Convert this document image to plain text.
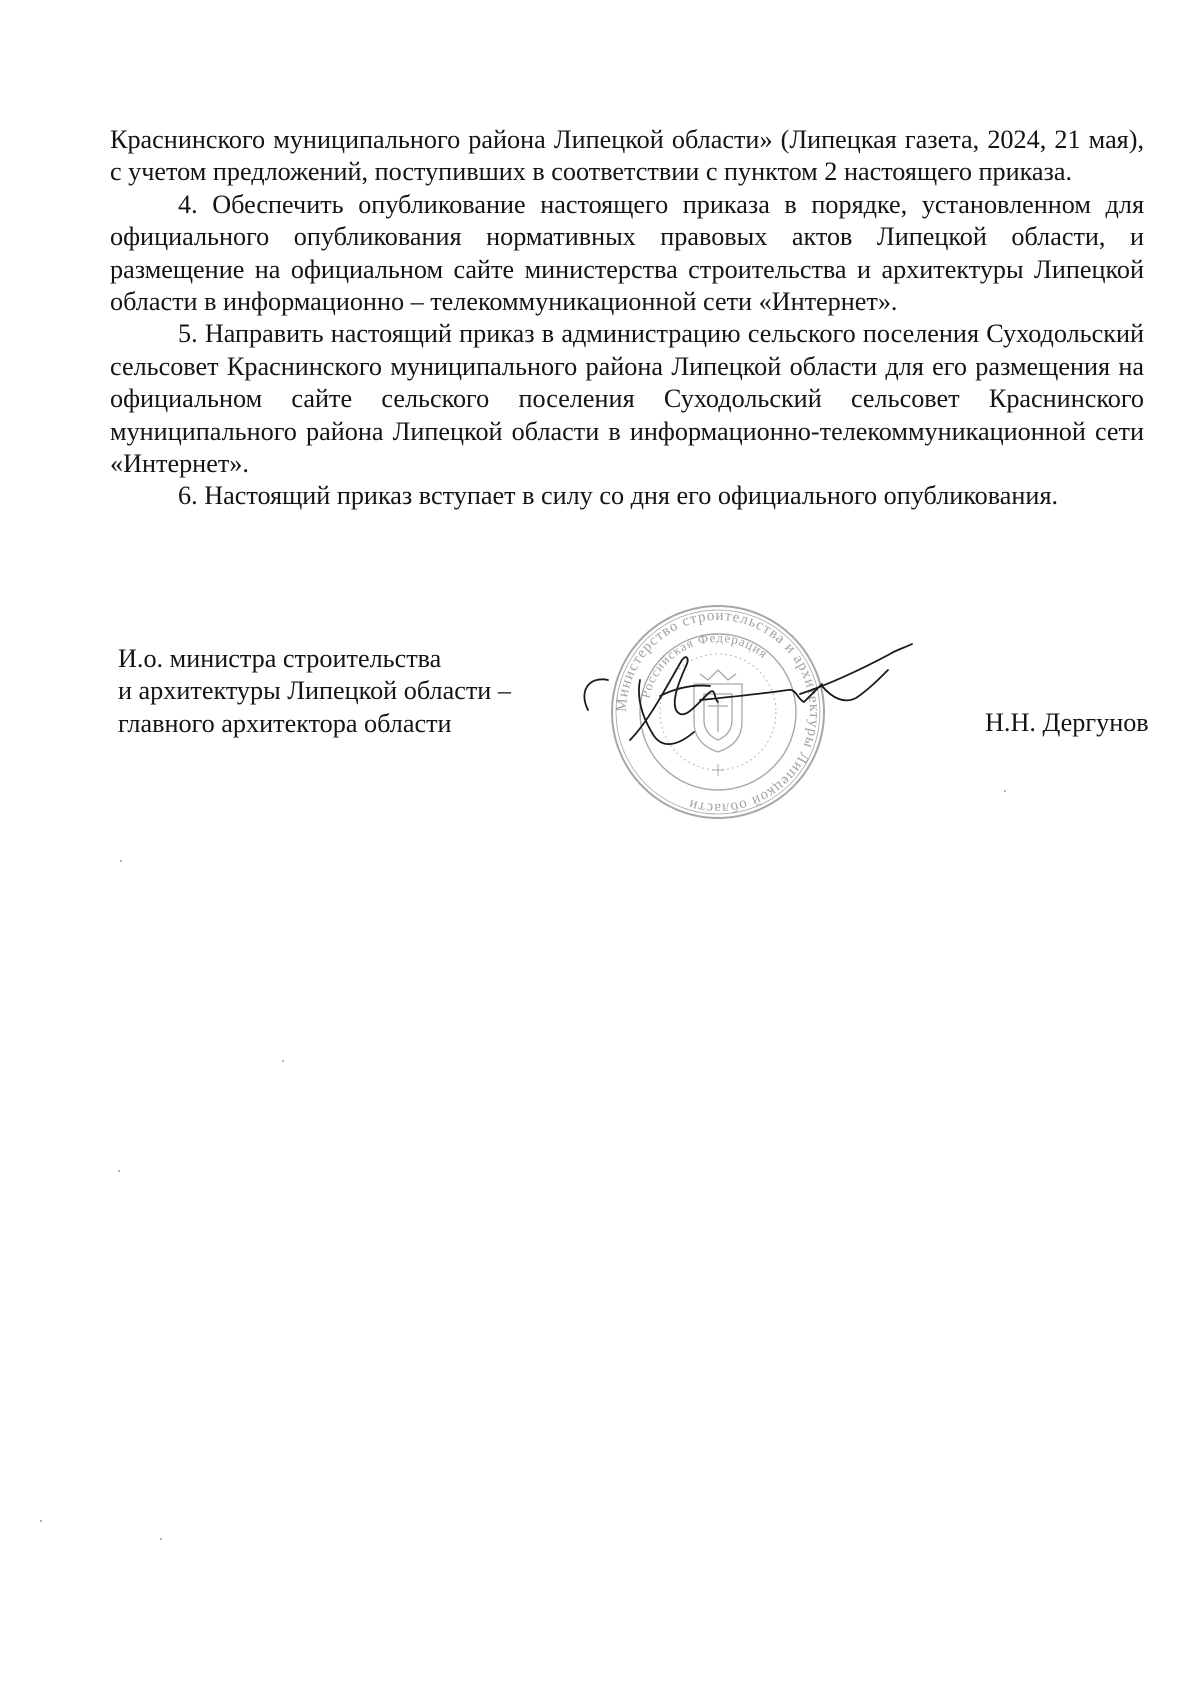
Краснинского муниципального района Липецкой области» (Липецкая газета, 2024, 21 мая), с учетом предложений, поступивших в соответствии с пунктом 2 настоящего приказа.

4. Обеспечить опубликование настоящего приказа в порядке, установленном для официального опубликования нормативных правовых актов Липецкой области, и размещение на официальном сайте министерства строительства и архитектуры Липецкой области в информационно – телекоммуникационной сети «Интернет».

5. Направить настоящий приказ в администрацию сельского поселения Суходольский сельсовет Краснинского муниципального района Липецкой области для его размещения на официальном сайте сельского поселения Суходольский сельсовет Краснинского муниципального района Липецкой области в информационно-телекоммуникационной сети «Интернет».

6. Настоящий приказ вступает в силу со дня его официального опубликования.

И.о. министра строительства
и архитектуры Липецкой области –
главного архитектора области	Н.Н. Дергунов
Министерство строительства и архитектуры Липецкой области
Российская Федерация
